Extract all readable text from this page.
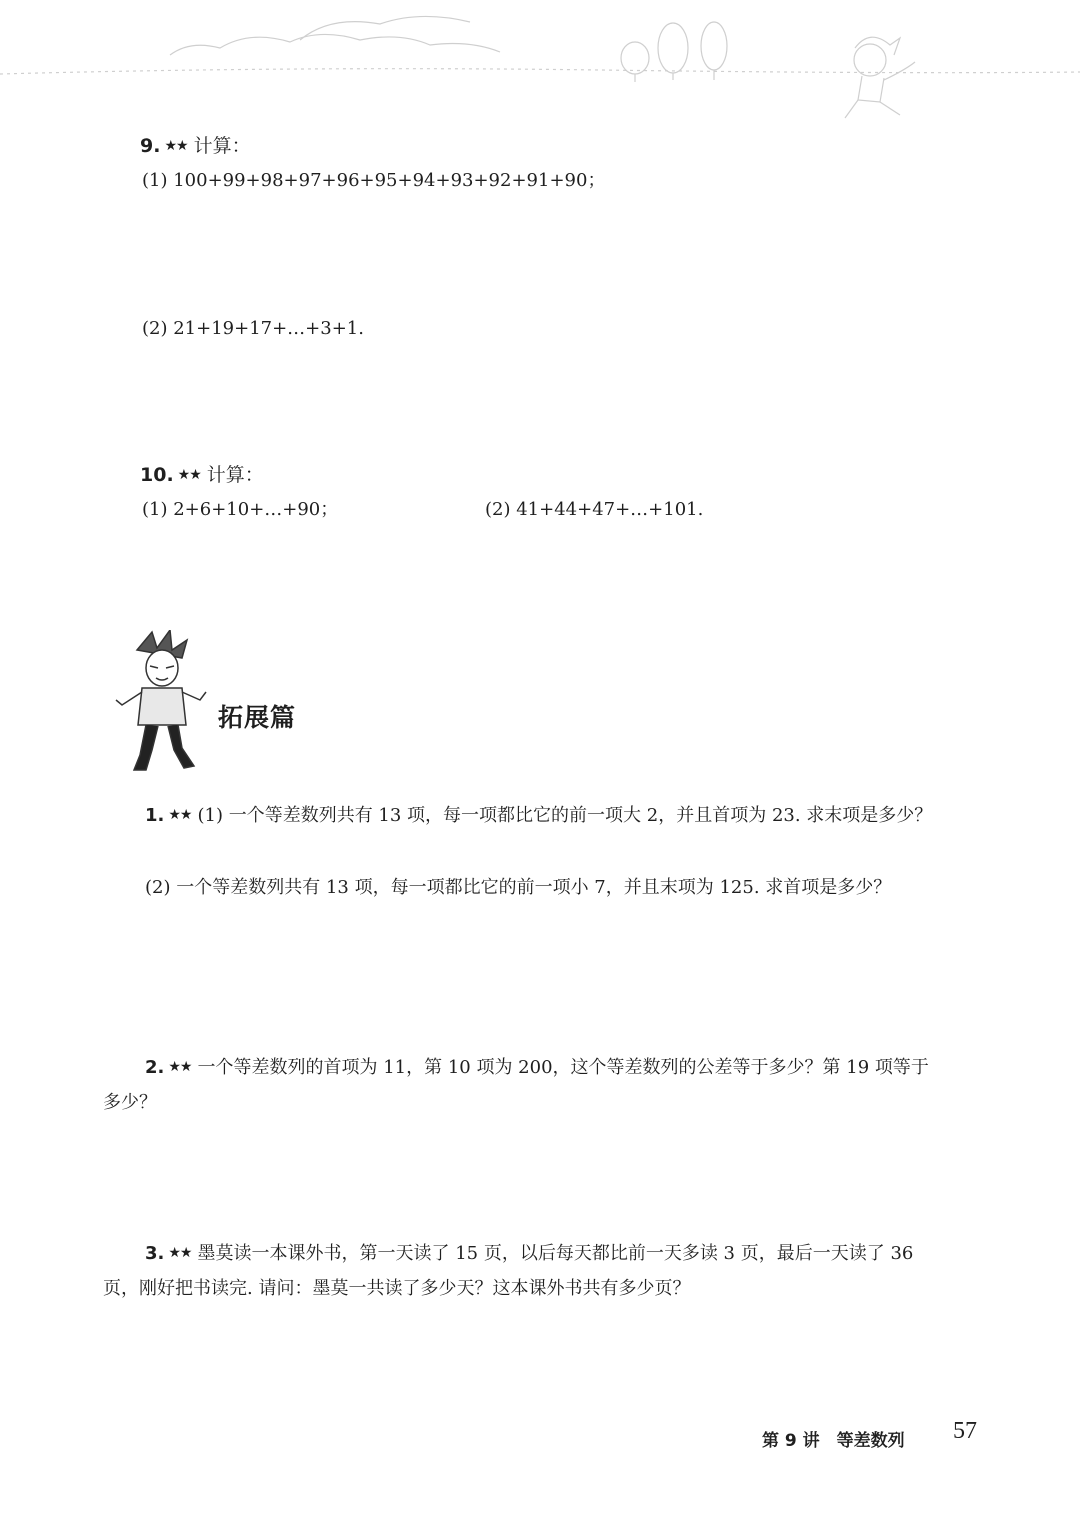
9. ★★ 计算：
(1) 100+99+98+97+96+95+94+93+92+91+90；
(2) 21+19+17+…+3+1.
10. ★★ 计算：
(1) 2+6+10+…+90；	(2) 41+44+47+…+101.
拓展篇
1. ★★ (1) 一个等差数列共有 13 项，每一项都比它的前一项大 2，并且首项为 23. 求末项是多少？
(2) 一个等差数列共有 13 项，每一项都比它的前一项小 7，并且末项为 125. 求首项是多少？
2. ★★ 一个等差数列的首项为 11，第 10 项为 200，这个等差数列的公差等于多少？第 19 项等于多少？
3. ★★ 墨莫读一本课外书，第一天读了 15 页，以后每天都比前一天多读 3 页，最后一天读了 36 页，刚好把书读完. 请问：墨莫一共读了多少天？这本课外书共有多少页？
第 9 讲　等差数列 57
